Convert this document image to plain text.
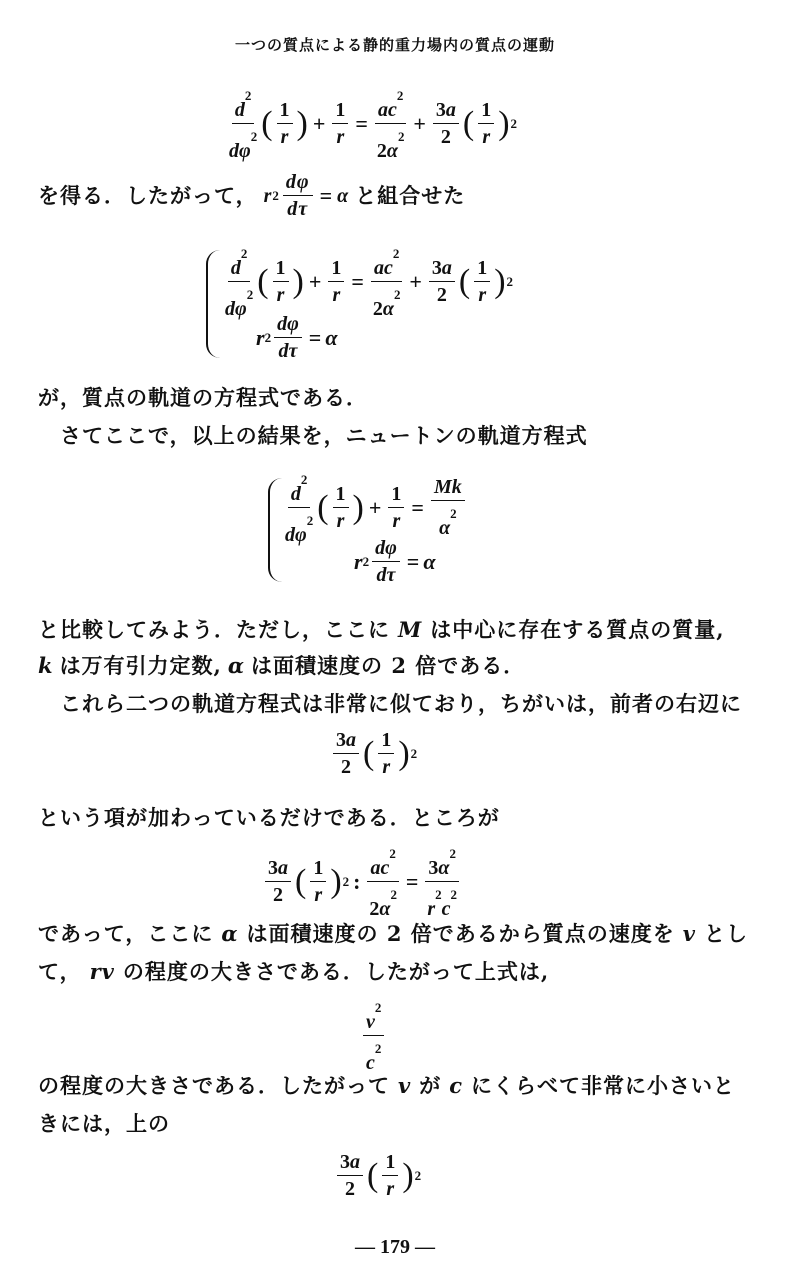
一つの質点による静的重力場内の質点の運動
$\frac{d^2}{d\varphi^2}$ ( $\frac{1}{r}$ ) + $\frac{1}{r} = \frac{ac^2}{2\alpha^2} + \frac{3a}{2}$ ( $\frac{1}{r}$ ) 2
を得る．したがって， r $2 \frac{d\varphi}{d\tau} = \alpha$ と組合せた
$\frac{d^2}{d\varphi^2}$ ( $\frac{1}{r}$ ) + $\frac{1}{r} = \frac{ac^2}{2\alpha^2} + \frac{3a}{2}$ ( $\frac{1}{r}$ ) 2
r $2 \frac{d\varphi}{d\tau} = \alpha$
が，質点の軌道の方程式である．
さてここで，以上の結果を，ニュートンの軌道方程式
$\frac{d^2}{d\varphi^2}$ ( $\frac{1}{r}$ ) + $\frac{1}{r} = \frac{Mk}{\alpha^2}$
r $2 \frac{d\varphi}{d\tau} = \alpha$
と比較してみよう．ただし，ここに M は中心に存在する質点の質量,
k は万有引力定数, α は面積速度の 2 倍である．
これら二つの軌道方程式は非常に似ており，ちがいは，前者の右辺に
$\frac{3a}{2}$ ( $\frac{1}{r}$ ) 2
という項が加わっているだけである．ところが
$\frac{3a}{2}$ ( $\frac{1}{r}$ ) 2 : $\frac{ac^2}{2\alpha^2} = \frac{3\alpha^2}{r^2c^2}$
であって，ここに α は面積速度の 2 倍であるから質点の速度を v とし
て， rv の程度の大きさである．したがって上式は,
$\frac{v^2}{c^2}$
の程度の大きさである．したがって v が c にくらべて非常に小さいと
きには，上の
$\frac{3a}{2}$ ( $\frac{1}{r}$ ) 2
— 179 —
